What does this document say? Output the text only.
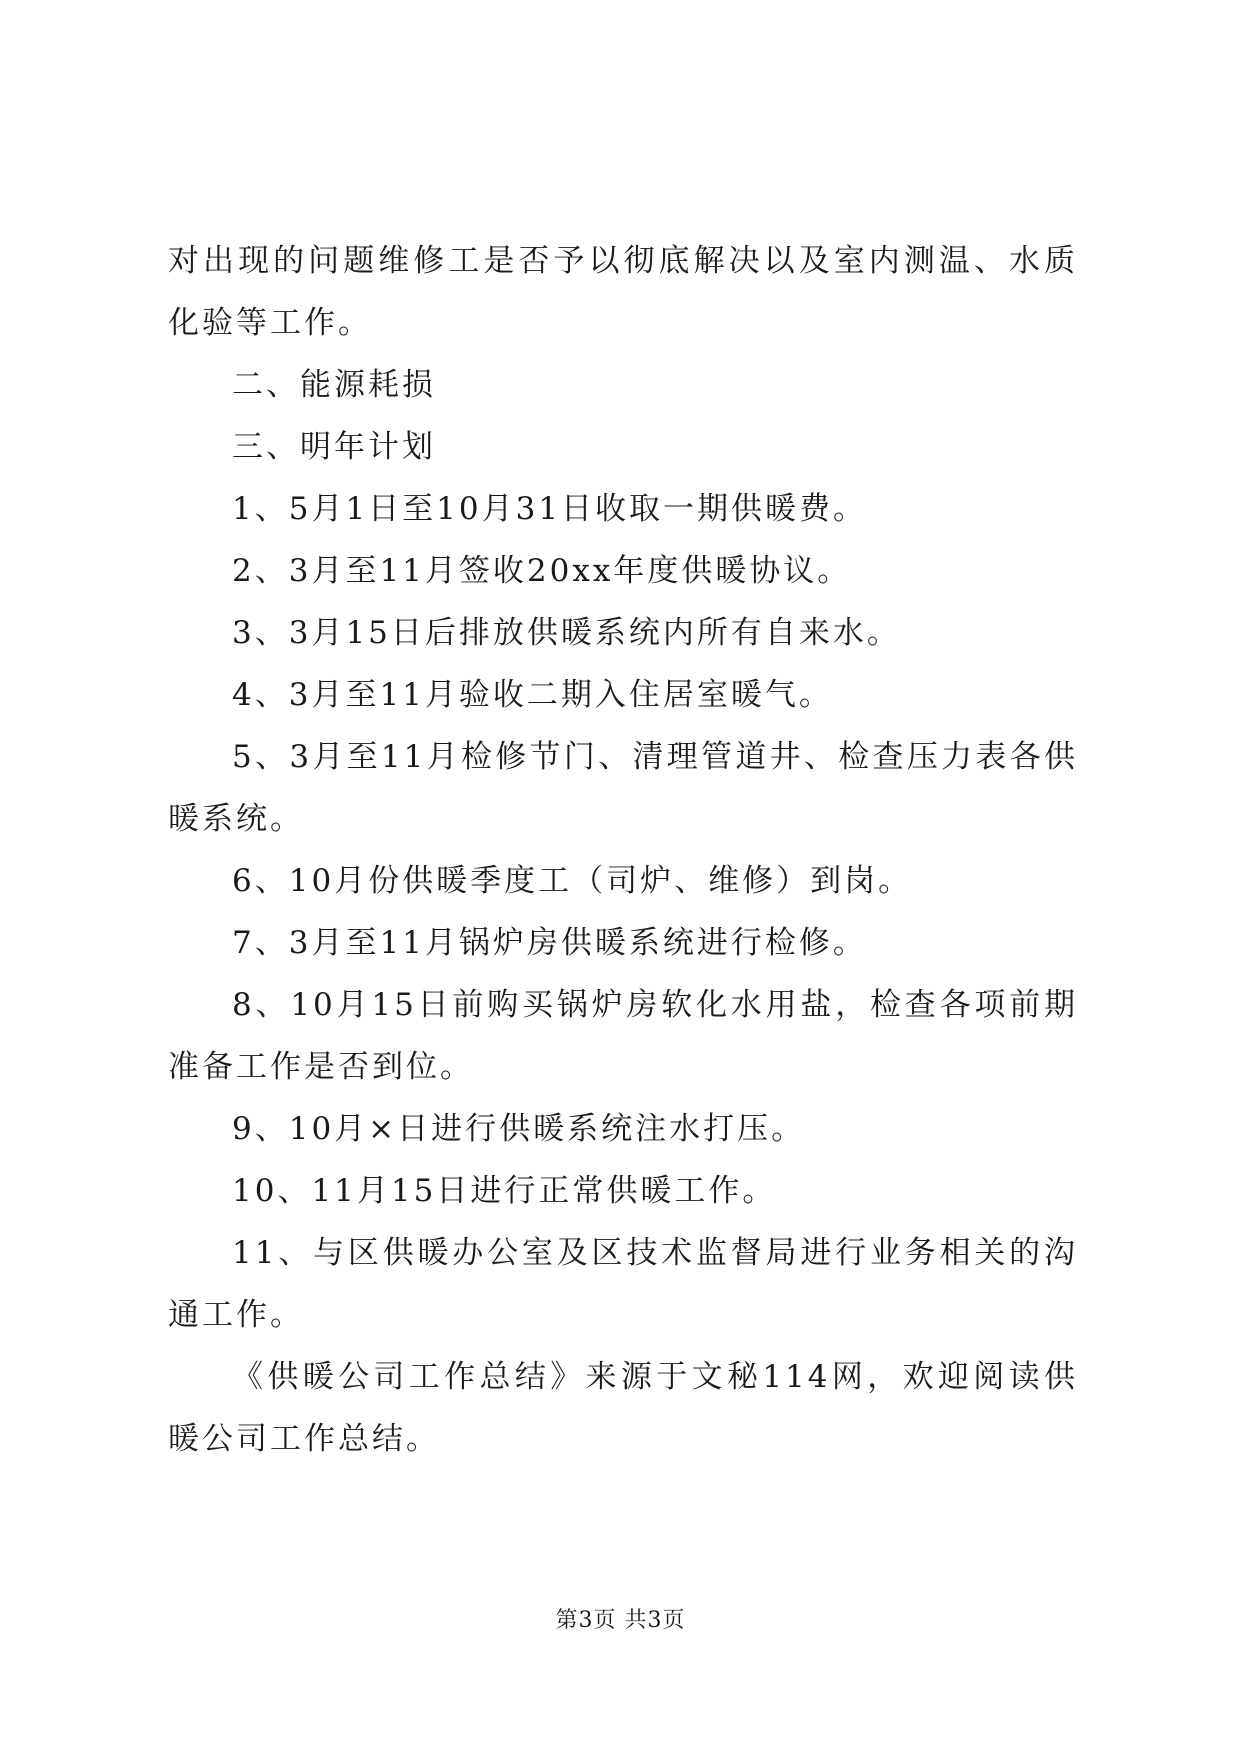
对出现的问题维修工是否予以彻底解决以及室内测温、水质化验等工作。

二、能源耗损

三、明年计划

1、5月1日至10月31日收取一期供暖费。

2、3月至11月签收20xx年度供暖协议。

3、3月15日后排放供暖系统内所有自来水。

4、3月至11月验收二期入住居室暖气。

5、3月至11月检修节门、清理管道井、检查压力表各供暖系统。

6、10月份供暖季度工（司炉、维修）到岗。

7、3月至11月锅炉房供暖系统进行检修。

8、10月15日前购买锅炉房软化水用盐，检查各项前期准备工作是否到位。

9、10月×日进行供暖系统注水打压。

10、11月15日进行正常供暖工作。

11、与区供暖办公室及区技术监督局进行业务相关的沟通工作。

《供暖公司工作总结》来源于文秘114网，欢迎阅读供暖公司工作总结。

第3页 共3页
